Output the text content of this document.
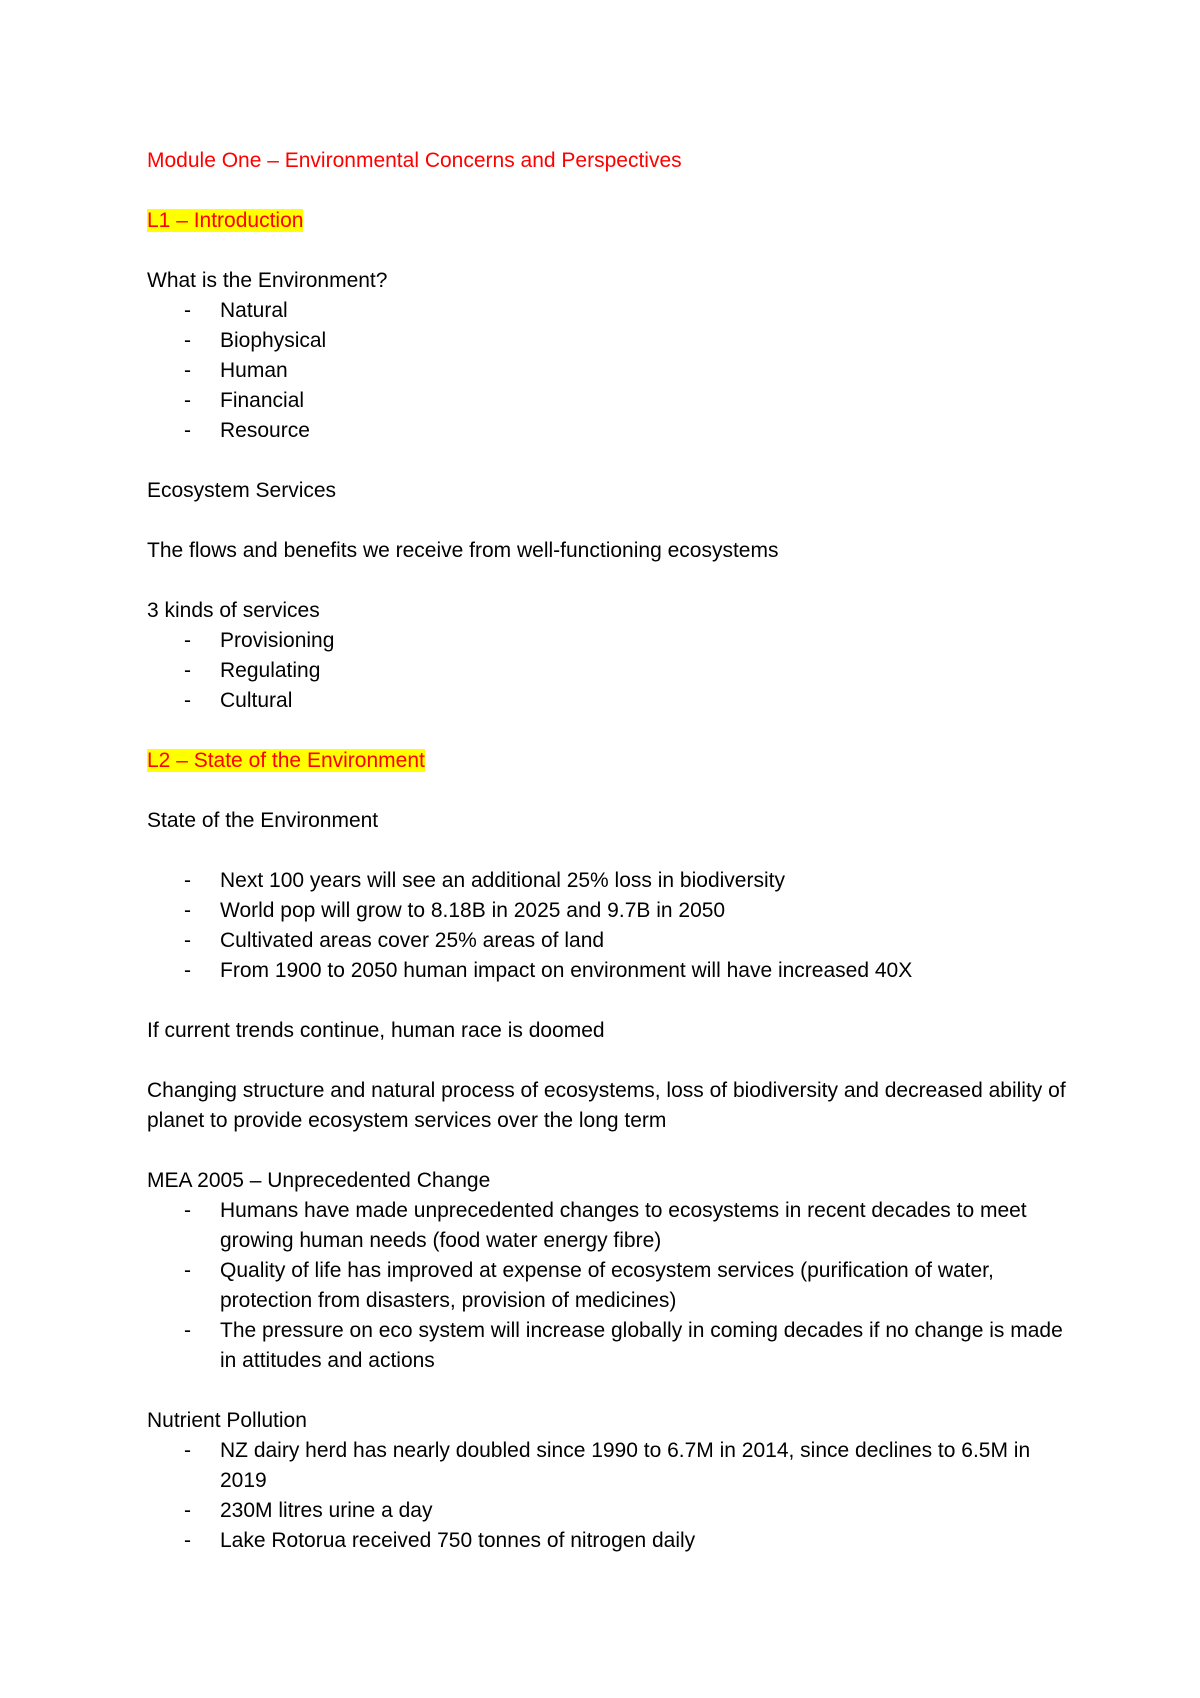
Module One – Environmental Concerns and Perspectives
L1 – Introduction
What is the Environment?
- Natural
- Biophysical
- Human
- Financial
- Resource
Ecosystem Services
The flows and benefits we receive from well-functioning ecosystems
3 kinds of services
- Provisioning
- Regulating
- Cultural
L2 – State of the Environment
State of the Environment
- Next 100 years will see an additional 25% loss in biodiversity
- World pop will grow to 8.18B in 2025 and 9.7B in 2050
- Cultivated areas cover 25% areas of land
- From 1900 to 2050 human impact on environment will have increased 40X
If current trends continue, human race is doomed
Changing structure and natural process of ecosystems, loss of biodiversity and decreased ability of planet to provide ecosystem services over the long term
MEA 2005 – Unprecedented Change
- Humans have made unprecedented changes to ecosystems in recent decades to meet growing human needs (food water energy fibre)
- Quality of life has improved at expense of ecosystem services (purification of water, protection from disasters, provision of medicines)
- The pressure on eco system will increase globally in coming decades if no change is made in attitudes and actions
Nutrient Pollution
- NZ dairy herd has nearly doubled since 1990 to 6.7M in 2014, since declines to 6.5M in 2019
- 230M litres urine a day
- Lake Rotorua received 750 tonnes of nitrogen daily
